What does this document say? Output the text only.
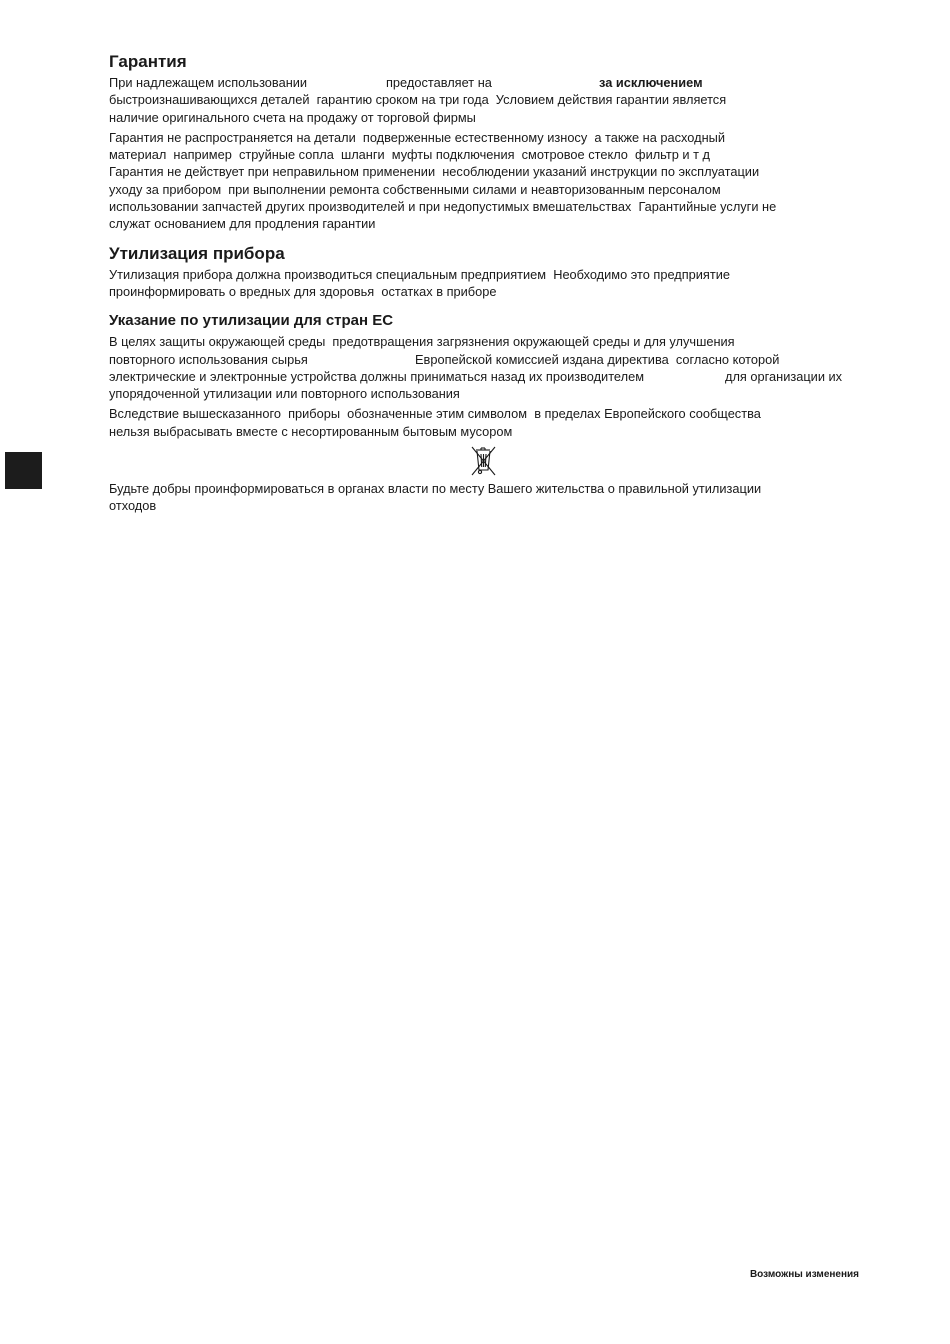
Гарантия

При надлежащем использовании

	предоставляет на

	за исключением

быстроизнашивающихся деталей  гарантию сроком на три года  Условием действия гарантии является
наличие оригинального счета на продажу от торговой фирмы
Гарантия не распространяется на детали  подверженные естественному износу  а также на расходный
материал  например  струйные сопла  шланги  муфты подключения  смотровое стекло  фильтр и т д
Гарантия не действует при неправильном применении  несоблюдении указаний инструкции по эксплуатации
уходу за прибором  при выполнении ремонта собственными силами и неавторизованным персоналом
использовании запчастей других производителей и при недопустимых вмешательствах  Гарантийные услуги не
служат основанием для продления гарантии
Утилизация прибора
Утилизация прибора должна производиться специальным предприятием  Необходимо это предприятие
проинформировать о вредных для здоровья  остатках в приборе
Указание по утилизации для стран ЕС
В целях защиты окружающей среды  предотвращения загрязнения окружающей среды и для улучшения

повторного использования сырья

	Европейской комиссией издана директива  согласно которой

электрические и электронные устройства должны приниматься назад их производителем

	для организации их

упорядоченной утилизации или повторного использования
Вследствие вышесказанного  приборы  обозначенные этим символом  в пределах Европейского сообщества
нельзя выбрасывать вместе с несортированным бытовым мусором
Будьте добры проинформироваться в органах власти по месту Вашего жительства о правильной утилизации
отходов
Возможны изменения
